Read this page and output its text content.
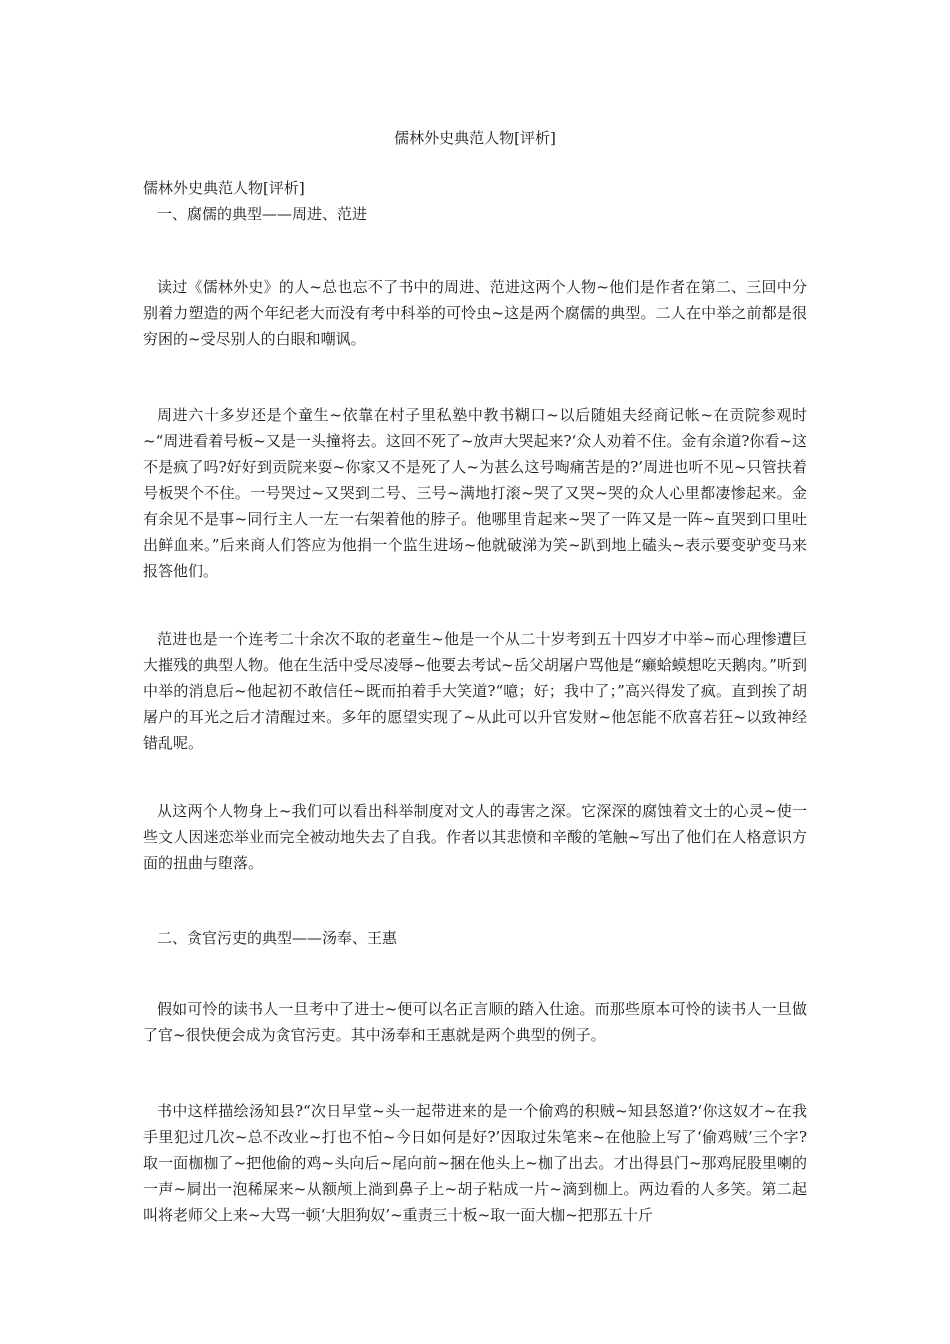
儒林外史典范人物[评析]
儒林外史典范人物[评析]
一、腐儒的典型——周进、范进
读过《儒林外史》的人~总也忘不了书中的周进、范进这两个人物~他们是作者在第二、三回中分别着力塑造的两个年纪老大而没有考中科举的可怜虫~这是两个腐儒的典型。二人在中举之前都是很穷困的~受尽别人的白眼和嘲讽。
周进六十多岁还是个童生~依靠在村子里私塾中教书糊口~以后随姐夫经商记帐~在贡院参观时~“周进看着号板~又是一头撞将去。这回不死了~放声大哭起来?‘众人劝着不住。金有余道?你看~这不是疯了吗?好好到贡院来耍~你家又不是死了人~为甚么这号啕痛苦是的?’周进也听不见~只管扶着号板哭个不住。一号哭过~又哭到二号、三号~满地打滚~哭了又哭~哭的众人心里都凄惨起来。金有余见不是事~同行主人一左一右架着他的脖子。他哪里肯起来~哭了一阵又是一阵~直哭到口里吐出鲜血来。”后来商人们答应为他捐一个监生进场~他就破涕为笑~趴到地上磕头~表示要变驴变马来报答他们。
范进也是一个连考二十余次不取的老童生~他是一个从二十岁考到五十四岁才中举~而心理惨遭巨大摧残的典型人物。他在生活中受尽凌辱~他要去考试~岳父胡屠户骂他是“癞蛤蟆想吃天鹅肉。”听到中举的消息后~他起初不敢信任~既而拍着手大笑道?“噫；好；我中了；”高兴得发了疯。直到挨了胡屠户的耳光之后才清醒过来。多年的愿望实现了~从此可以升官发财~他怎能不欣喜若狂~以致神经错乱呢。
从这两个人物身上~我们可以看出科举制度对文人的毒害之深。它深深的腐蚀着文士的心灵~使一些文人因迷恋举业而完全被动地失去了自我。作者以其悲愤和辛酸的笔触~写出了他们在人格意识方面的扭曲与堕落。
二、贪官污吏的典型——汤奉、王惠
假如可怜的读书人一旦考中了进士~便可以名正言顺的踏入仕途。而那些原本可怜的读书人一旦做了官~很快便会成为贪官污吏。其中汤奉和王惠就是两个典型的例子。
书中这样描绘汤知县?“次日早堂~头一起带进来的是一个偷鸡的积贼~知县怒道?‘你这奴才~在我手里犯过几次~总不改业~打也不怕~今日如何是好?’因取过朱笔来~在他脸上写了‘偷鸡贼’三个字?取一面枷枷了~把他偷的鸡~头向后~尾向前~捆在他头上~枷了出去。才出得县门~那鸡屁股里喇的一声~屙出一泡稀屎来~从额颅上淌到鼻子上~胡子粘成一片~滴到枷上。两边看的人多笑。第二起叫将老师父上来~大骂一顿‘大胆狗奴’~重责三十板~取一面大枷~把那五十斤
